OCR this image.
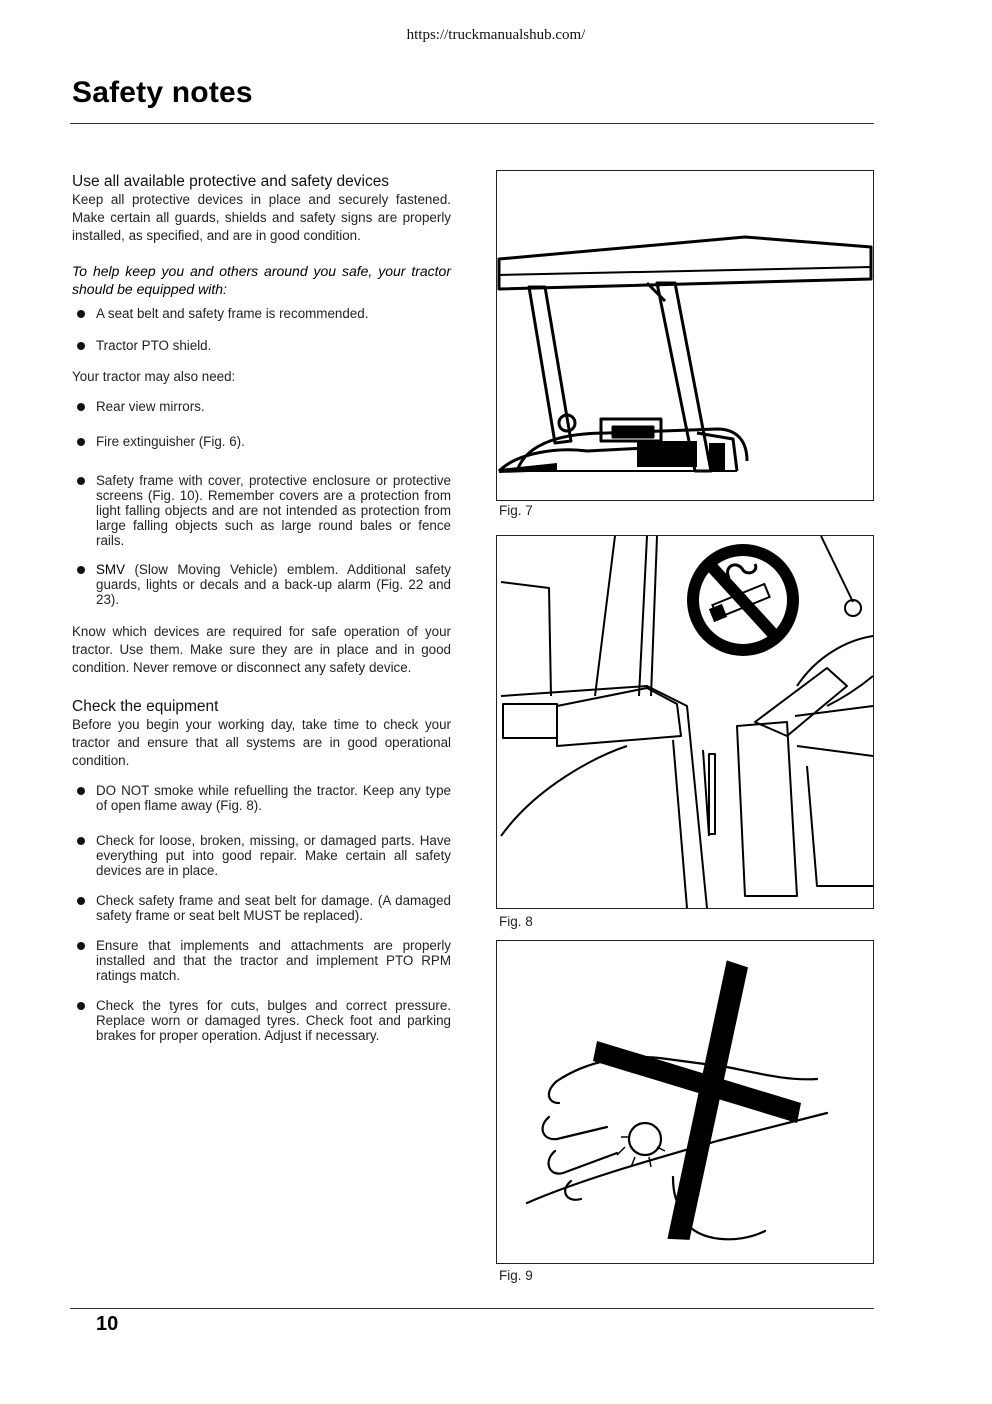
https://truckmanualshub.com/
Safety notes
Use all available protective and safety devices

Keep all protective devices in place and securely fastened. Make certain all guards, shields and safety signs are properly installed, as specified, and are in good condition.

To help keep you and others around you safe, your tractor should be equipped with:

A seat belt and safety frame is recommended.
Tractor PTO shield.

Your tractor may also need:

Rear view mirrors.
Fire extinguisher (Fig. 6).
Safety frame with cover, protective enclosure or protective screens (Fig. 10). Remember covers are a protection from light falling objects and are not intended as protection from large falling objects such as large round bales or fence rails.
SMV (Slow Moving Vehicle) emblem. Additional safety guards, lights or decals and a back-up alarm (Fig. 22 and 23).

Know which devices are required for safe operation of your tractor. Use them. Make sure they are in place and in good condition. Never remove or disconnect any safety device.

Check the equipment

Before you begin your working day, take time to check your tractor and ensure that all systems are in good operational condition.

DO NOT smoke while refuelling the tractor. Keep any type of open flame away (Fig. 8).
Check for loose, broken, missing, or damaged parts. Have everything put into good repair. Make certain all safety devices are in place.
Check safety frame and seat belt for damage. (A damaged safety frame or seat belt MUST be replaced).
Ensure that implements and attachments are properly installed and that the tractor and implement PTO RPM ratings match.
Check the tyres for cuts, bulges and correct pressure. Replace worn or damaged tyres. Check foot and parking brakes for proper operation. Adjust if necessary.
Fig. 7
Fig. 8
Fig. 9
10
